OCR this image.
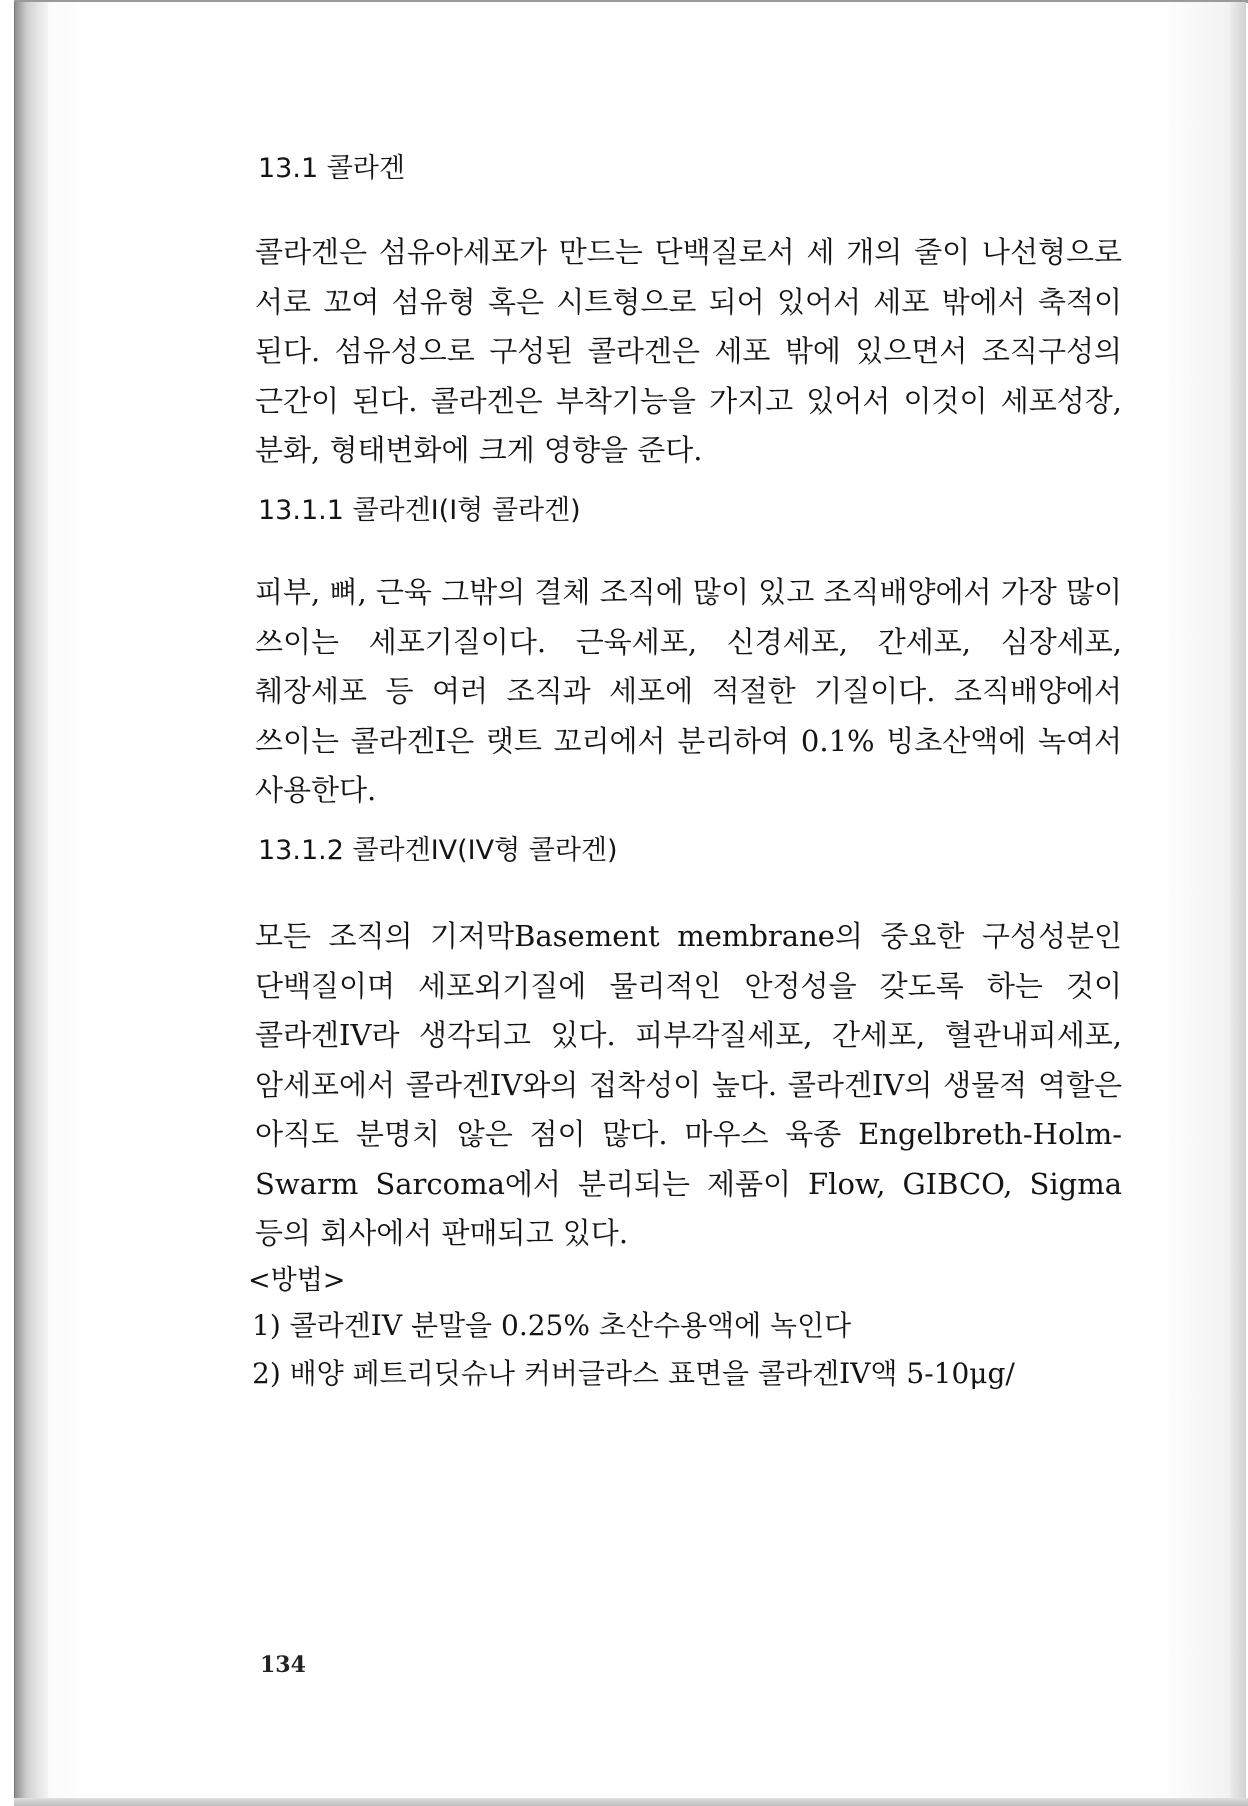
13.1 콜라겐
콜라겐은 섬유아세포가 만드는 단백질로서 세 개의 줄이 나선형으로 서로 꼬여 섬유형 혹은 시트형으로 되어 있어서 세포 밖에서 축적이 된다. 섬유성으로 구성된 콜라겐은 세포 밖에 있으면서 조직구성의 근간이 된다. 콜라겐은 부착기능을 가지고 있어서 이것이 세포성장, 분화, 형태변화에 크게 영향을 준다.
13.1.1 콜라겐I(I형 콜라겐)
피부, 뼈, 근육 그밖의 결체 조직에 많이 있고 조직배양에서 가장 많이 쓰이는 세포기질이다. 근육세포, 신경세포, 간세포, 심장세포, 췌장세포 등 여러 조직과 세포에 적절한 기질이다. 조직배양에서 쓰이는 콜라겐I은 랫트 꼬리에서 분리하여 0.1% 빙초산액에 녹여서 사용한다.
13.1.2 콜라겐IV(IV형 콜라겐)
모든 조직의 기저막Basement membrane의 중요한 구성성분인 단백질이며 세포외기질에 물리적인 안정성을 갖도록 하는 것이 콜라겐IV라 생각되고 있다. 피부각질세포, 간세포, 혈관내피세포, 암세포에서 콜라겐IV와의 접착성이 높다. 콜라겐IV의 생물적 역할은 아직도 분명치 않은 점이 많다. 마우스 육종 Engelbreth-Holm-Swarm Sarcoma에서 분리되는 제품이 Flow, GIBCO, Sigma 등의 회사에서 판매되고 있다.
<방법>
1) 콜라겐IV 분말을 0.25% 초산수용액에 녹인다
2) 배양 페트리딧슈나 커버글라스 표면을 콜라겐IV액 5-10μg/
134
